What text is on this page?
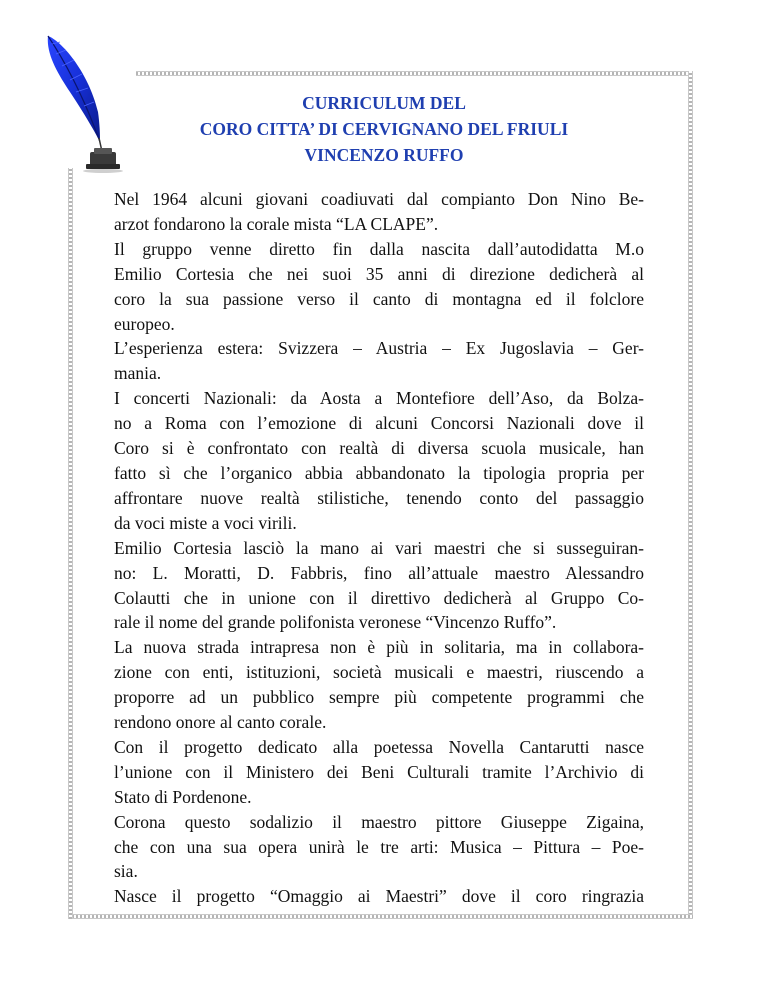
CURRICULUM DEL
CORO CITTA’ DI CERVIGNANO DEL FRIULI
VINCENZO RUFFO
Nel 1964 alcuni giovani coadiuvati dal compianto Don Nino Be-
arzot fondarono la corale mista “LA CLAPE”.
Il gruppo venne diretto fin dalla nascita dall’autodidatta M.o
Emilio Cortesia che nei suoi 35 anni di direzione dedicherà al
coro la sua passione verso il canto di montagna ed il folclore
europeo.
L’esperienza estera: Svizzera – Austria – Ex Jugoslavia – Ger-
mania.
I concerti Nazionali: da Aosta a Montefiore dell’Aso, da Bolza-
no a Roma con l’emozione di alcuni Concorsi Nazionali dove il
Coro si è confrontato con realtà di diversa scuola musicale, han
fatto sì che l’organico abbia abbandonato la tipologia propria per
affrontare nuove realtà stilistiche, tenendo conto del passaggio
da voci miste a voci virili.
Emilio Cortesia lasciò la mano ai vari maestri che si susseguiran-
no: L. Moratti, D. Fabbris, fino all’attuale maestro Alessandro
Colautti che in unione con il direttivo dedicherà al Gruppo Co-
rale il nome del grande polifonista veronese “Vincenzo Ruffo”.
La nuova strada intrapresa non è più in solitaria, ma in collabora-
zione con enti, istituzioni, società musicali e maestri, riuscendo a
proporre ad un pubblico sempre più competente programmi che
rendono onore al canto corale.
Con il progetto dedicato alla poetessa Novella Cantarutti nasce
l’unione con il Ministero dei Beni Culturali tramite l’Archivio di
Stato di Pordenone.
Corona questo sodalizio il maestro pittore Giuseppe Zigaina,
che con una sua opera unirà le tre arti: Musica – Pittura – Poe-
sia.
Nasce il progetto “Omaggio ai Maestri” dove il coro ringrazia
